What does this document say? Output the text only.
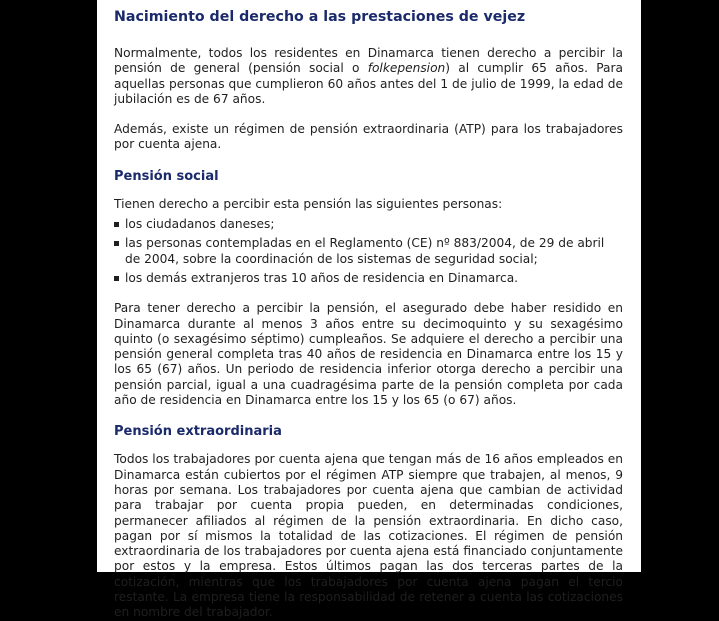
Nacimiento del derecho a las prestaciones de vejez

Normalmente, todos los residentes en Dinamarca tienen derecho a percibir la pensión de general (pensión social o folkepension) al cumplir 65 años. Para aquellas personas que cumplieron 60 años antes del 1 de julio de 1999, la edad de jubilación es de 67 años.

Además, existe un régimen de pensión extraordinaria (ATP) para los trabajadores por cuenta ajena.

Pensión social

Tienen derecho a percibir esta pensión las siguientes personas:

los ciudadanos daneses;
las personas contempladas en el Reglamento (CE) nº 883/2004, de 29 de abril de 2004, sobre la coordinación de los sistemas de seguridad social;
los demás extranjeros tras 10 años de residencia en Dinamarca.

Para tener derecho a percibir la pensión, el asegurado debe haber residido en Dinamarca durante al menos 3 años entre su decimoquinto y su sexagésimo quinto (o sexagésimo séptimo) cumpleaños. Se adquiere el derecho a percibir una pensión general completa tras 40 años de residencia en Dinamarca entre los 15 y los 65 (67) años. Un periodo de residencia inferior otorga derecho a percibir una pensión parcial, igual a una cuadragésima parte de la pensión completa por cada año de residencia en Dinamarca entre los 15 y los 65 (o 67) años.

Pensión extraordinaria

Todos los trabajadores por cuenta ajena que tengan más de 16 años empleados en Dinamarca están cubiertos por el régimen ATP siempre que trabajen, al menos, 9 horas por semana. Los trabajadores por cuenta ajena que cambian de actividad para trabajar por cuenta propia pueden, en determinadas condiciones, permanecer afiliados al régimen de la pensión extraordinaria. En dicho caso, pagan por sí mismos la totalidad de las cotizaciones. El régimen de pensión extraordinaria de los trabajadores por cuenta ajena está financiado conjuntamente por estos y la empresa. Estos últimos pagan las dos terceras partes de la cotización, mientras que los trabajadores por cuenta ajena pagan el tercio restante. La empresa tiene la responsabilidad de retener a cuenta las cotizaciones en nombre del trabajador.
